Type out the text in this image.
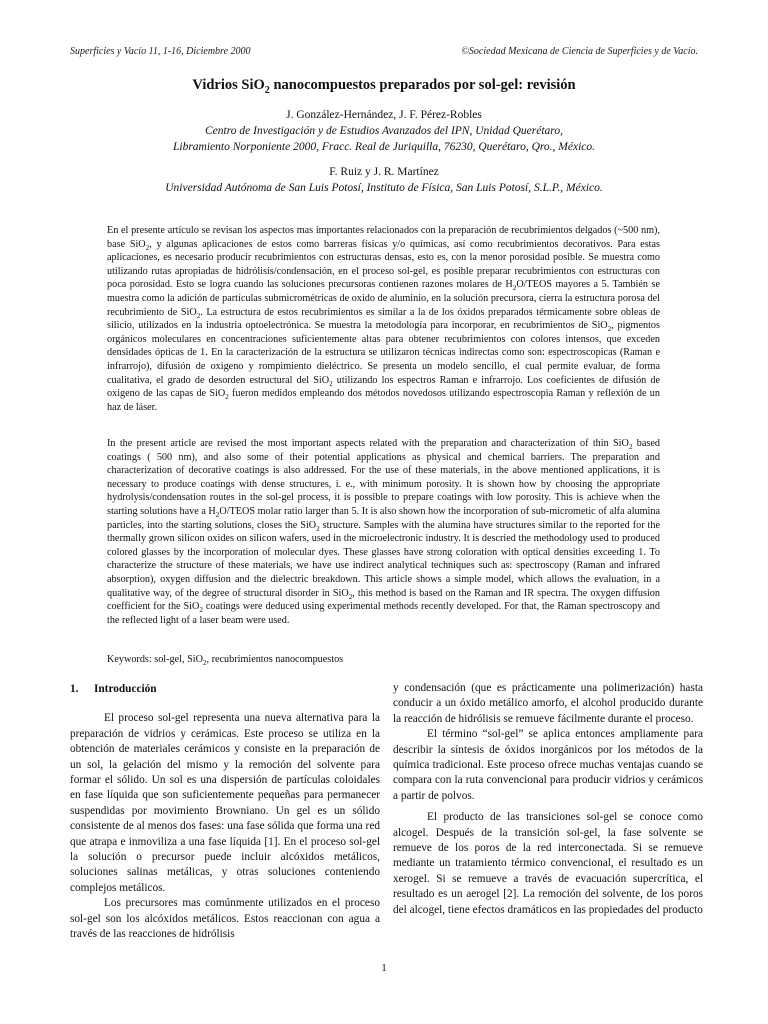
Superficies y Vacío 11, 1-16, Diciembre 2000	©Sociedad Mexicana de Ciencia de Superficies y de Vacío.
Vidrios SiO$_2$ nanocompuestos preparados por sol-gel: revisión
J. González-Hernández, J. F. Pérez-Robles
Centro de Investigación y de Estudios Avanzados del IPN, Unidad Querétaro,
Libramiento Norponiente 2000, Fracc. Real de Juriquilla, 76230, Querétaro, Qro., México.
F. Ruiz y J. R. Martínez
Universidad Autónoma de San Luis Potosí, Instituto de Física, San Luis Potosí, S.L.P., México.
En el presente artículo se revisan los aspectos mas importantes relacionados con la preparación de recubrimientos delgados (~500 nm), base SiO$_2$, y algunas aplicaciones de estos como barreras físicas y/o químicas, así como recubrimientos decorativos. Para estas aplicaciones, es necesario producir recubrimientos con estructuras densas, esto es, con la menor porosidad posible. Se muestra como utilizando rutas apropiadas de hidrólisis/condensación, en el proceso sol-gel, es posible preparar recubrimientos con estructuras con poca porosidad. Esto se logra cuando las soluciones precursoras contienen razones molares de $H_2O$/TEOS mayores a 5. También se muestra como la adición de partículas submicrométricas de oxido de aluminio, en la solución precursora, cierra la estructura porosa del recubrimiento de SiO$_2$. La estructura de estos recubrimientos es similar a la de los óxidos preparados térmicamente sobre obleas de silicio, utilizados en la industria optoelectrónica. Se muestra la metodología para incorporar, en recubrimientos de SiO$_2$, pigmentos orgánicos moleculares en concentraciones suficientemente altas para obtener recubrimientos con colores intensos, que exceden densidades ópticas de 1. En la caracterización de la estructura se utilizaron técnicas indirectas como son: espectroscopicas (Raman e infrarrojo), difusión de oxigeno y rompimiento dieléctrico. Se presenta un modelo sencillo, el cual permite evaluar, de forma cualitativa, el grado de desorden estructural del SiO$_2$ utilizando los espectros Raman e infrarrojo. Los coeficientes de difusión de oxigeno de las capas de SiO$_2$ fueron medidos empleando dos métodos novedosos utilizando espectroscopia Raman y reflexión de un haz de láser.
In the present article are revised the most important aspects related with the preparation and characterization of thin SiO$_2$ based coatings ( 500 nm), and also some of their potential applications as physical and chemical barriers. The preparation and characterization of decorative coatings is also addressed. For the use of these materials, in the above mentioned applications, it is necessary to produce coatings with dense structures, i. e., with minimum porosity. It is shown how by choosing the appropriate hydrolysis/condensation routes in the sol-gel process, it is possible to prepare coatings with low porosity. This is achieve when the starting solutions have a $H_2O$/TEOS molar ratio larger than 5. It is also shown how the incorporation of sub-micrometic of alfa alumina particles, into the starting solutions, closes the SiO$_2$ structure. Samples with the alumina have structures similar to the reported for the thermally grown silicon oxides on silicon wafers, used in the microelectronic industry. It is descried the methodology used to produced colored glasses by the incorporation of molecular dyes. These glasses have strong coloration with optical densities exceeding 1. To characterize the structure of these materials, we have use indirect analytical techniques such as: spectroscopy (Raman and infrared absorption), oxygen diffusion and the dielectric breakdown. This article shows a simple model, which allows the evaluation, in a qualitative way, of the degree of structural disorder in SiO$_2$, this method is based on the Raman and IR spectra. The oxygen diffusion coefficient for the SiO$_2$ coatings were deduced using experimental methods recently developed. For that, the Raman spectroscopy and the reflected light of a laser beam were used.
Keywords: sol-gel, SiO$_2$, recubrimientos nanocompuestos

1. Introducción

El proceso sol-gel representa una nueva alternativa para la preparación de vidrios y cerámicas. Este proceso se utiliza en la obtención de materiales cerámicos y consiste en la preparación de un sol, la gelación del mismo y la remoción del solvente para formar el sólido. Un sol es una dispersión de partículas coloidales en fase líquida que son suficientemente pequeñas para permanecer suspendidas por movimiento Browniano. Un gel es un sólido consistente de al menos dos fases: una fase sólida que forma una red que atrapa e inmoviliza a una fase líquida [1]. En el proceso sol-gel la solución o precursor puede incluir alcóxidos metálicos, soluciones salinas metálicas, y otras soluciones conteniendo complejos metálicos.

Los precursores mas comúnmente utilizados en el proceso sol-gel son los alcóxidos metálicos. Estos reaccionan con agua a través de las reacciones de hidrólisis

y condensación (que es prácticamente una polimerización) hasta conducir a un óxido metálico amorfo, el alcohol producido durante la reacción de hidrólisis se remueve fácilmente durante el proceso.

El término “sol-gel” se aplica entonces ampliamente para describir la síntesis de óxidos inorgánicos por los métodos de la química tradicional. Este proceso ofrece muchas ventajas cuando se compara con la ruta convencional para producir vidrios y cerámicos a partir de polvos.

El producto de las transiciones sol-gel se conoce como alcogel. Después de la transición sol-gel, la fase solvente se remueve de los poros de la red interconectada. Si se remueve mediante un tratamiento térmico convencional, el resultado es un xerogel. Si se remueve a través de evacuación supercrítica, el resultado es un aerogel [2]. La remoción del solvente, de los poros del alcogel, tiene efectos dramáticos en las propiedades del producto

1
